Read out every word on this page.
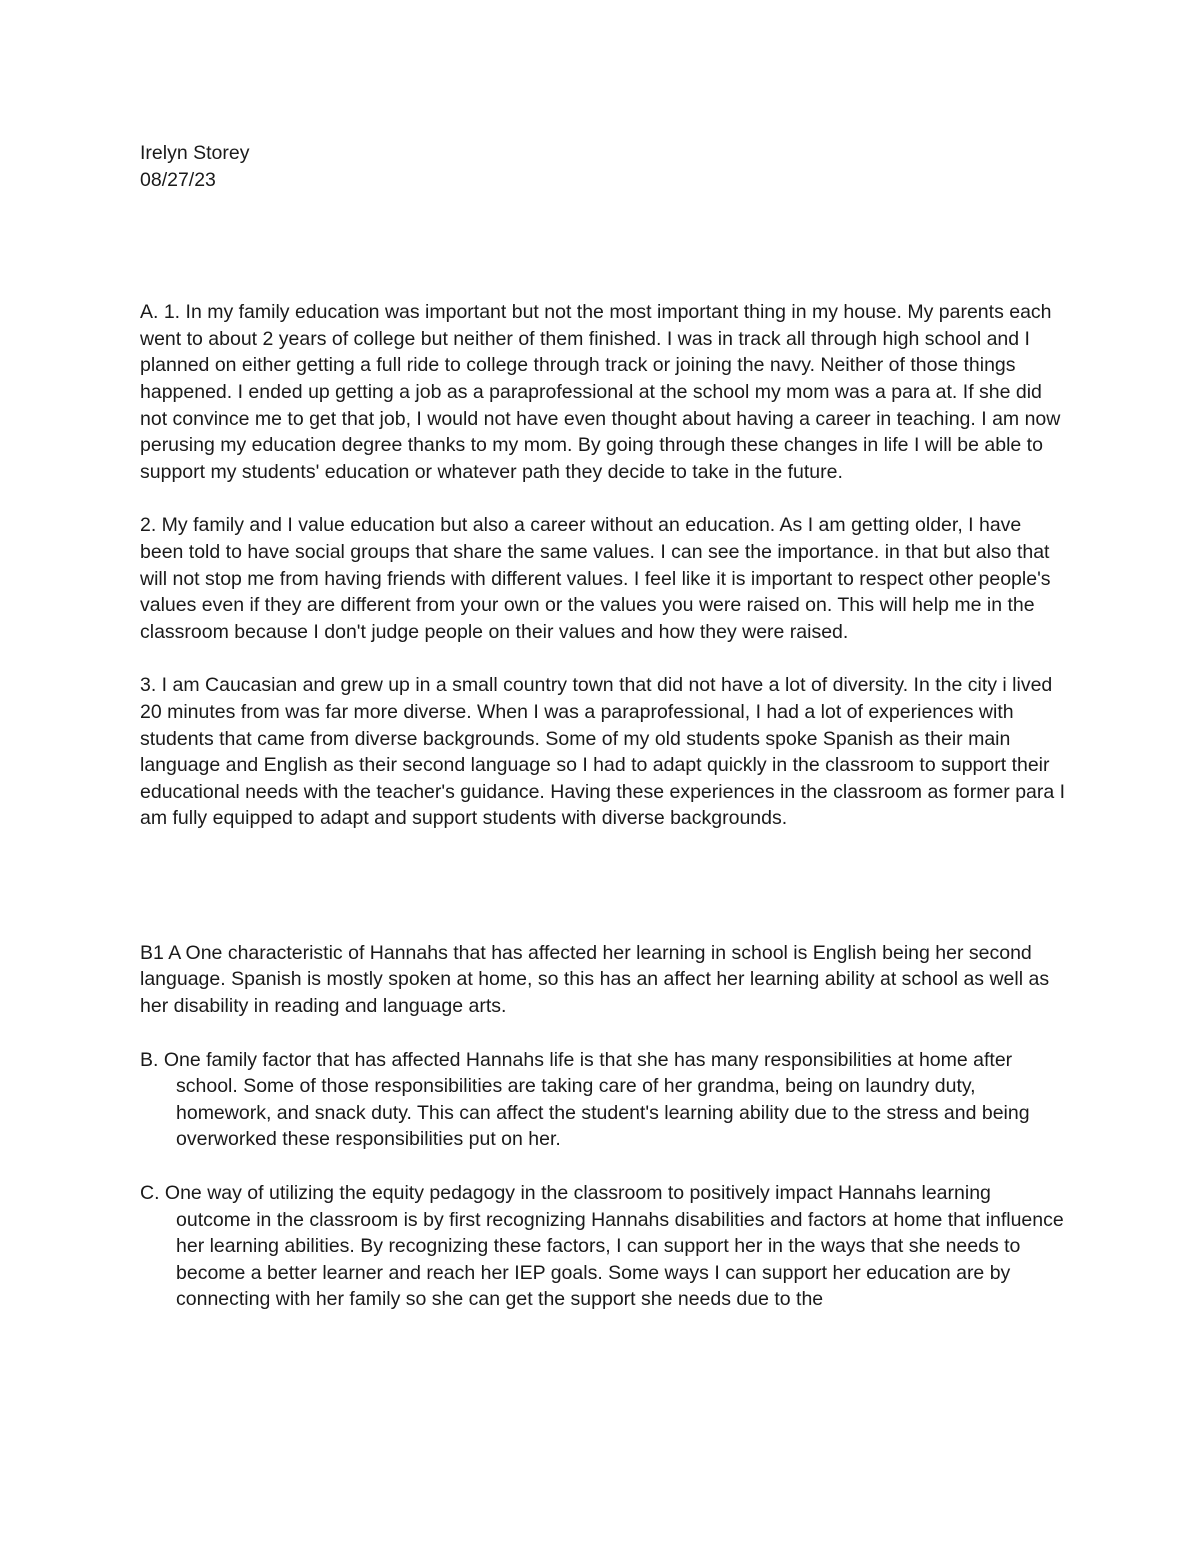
Irelyn Storey

08/27/23

A. 1. In my family education was important but not the most important thing in my house. My parents each went to about 2 years of college but neither of them finished. I was in track all through high school and I planned on either getting a full ride to college through track or joining the navy. Neither of those things happened. I ended up getting a job as a paraprofessional at the school my mom was a para at. If she did not convince me to get that job, I would not have even thought about having a career in teaching. I am now perusing my education degree thanks to my mom. By going through these changes in life I will be able to support my students' education or whatever path they decide to take in the future.

2. My family and I value education but also a career without an education. As I am getting older, I have been told to have social groups that share the same values. I can see the importance. in that but also that will not stop me from having friends with different values. I feel like it is important to respect other people's values even if they are different from your own or the values you were raised on. This will help me in the classroom because I don't judge people on their values and how they were raised.

3. I am Caucasian and grew up in a small country town that did not have a lot of diversity. In the city i lived 20 minutes from was far more diverse. When I was a paraprofessional, I had a lot of experiences with students that came from diverse backgrounds. Some of my old students spoke Spanish as their main language and English as their second language so I had to adapt quickly in the classroom to support their educational needs with the teacher's guidance. Having these experiences in the classroom as former para I am fully equipped to adapt and support students with diverse backgrounds.

B1 A One characteristic of Hannahs that has affected her learning in school is English being her second language. Spanish is mostly spoken at home, so this has an affect her learning ability at school as well as her disability in reading and language arts.

B. One family factor that has affected Hannahs life is that she has many responsibilities at home after school. Some of those responsibilities are taking care of her grandma, being on laundry duty, homework, and snack duty. This can affect the student's learning ability due to the stress and being overworked these responsibilities put on her.

C. One way of utilizing the equity pedagogy in the classroom to positively impact Hannahs learning outcome in the classroom is by first recognizing Hannahs disabilities and factors at home that influence her learning abilities. By recognizing these factors, I can support her in the ways that she needs to become a better learner and reach her IEP goals. Some ways I can support her education are by connecting with her family so she can get the support she needs due to the
